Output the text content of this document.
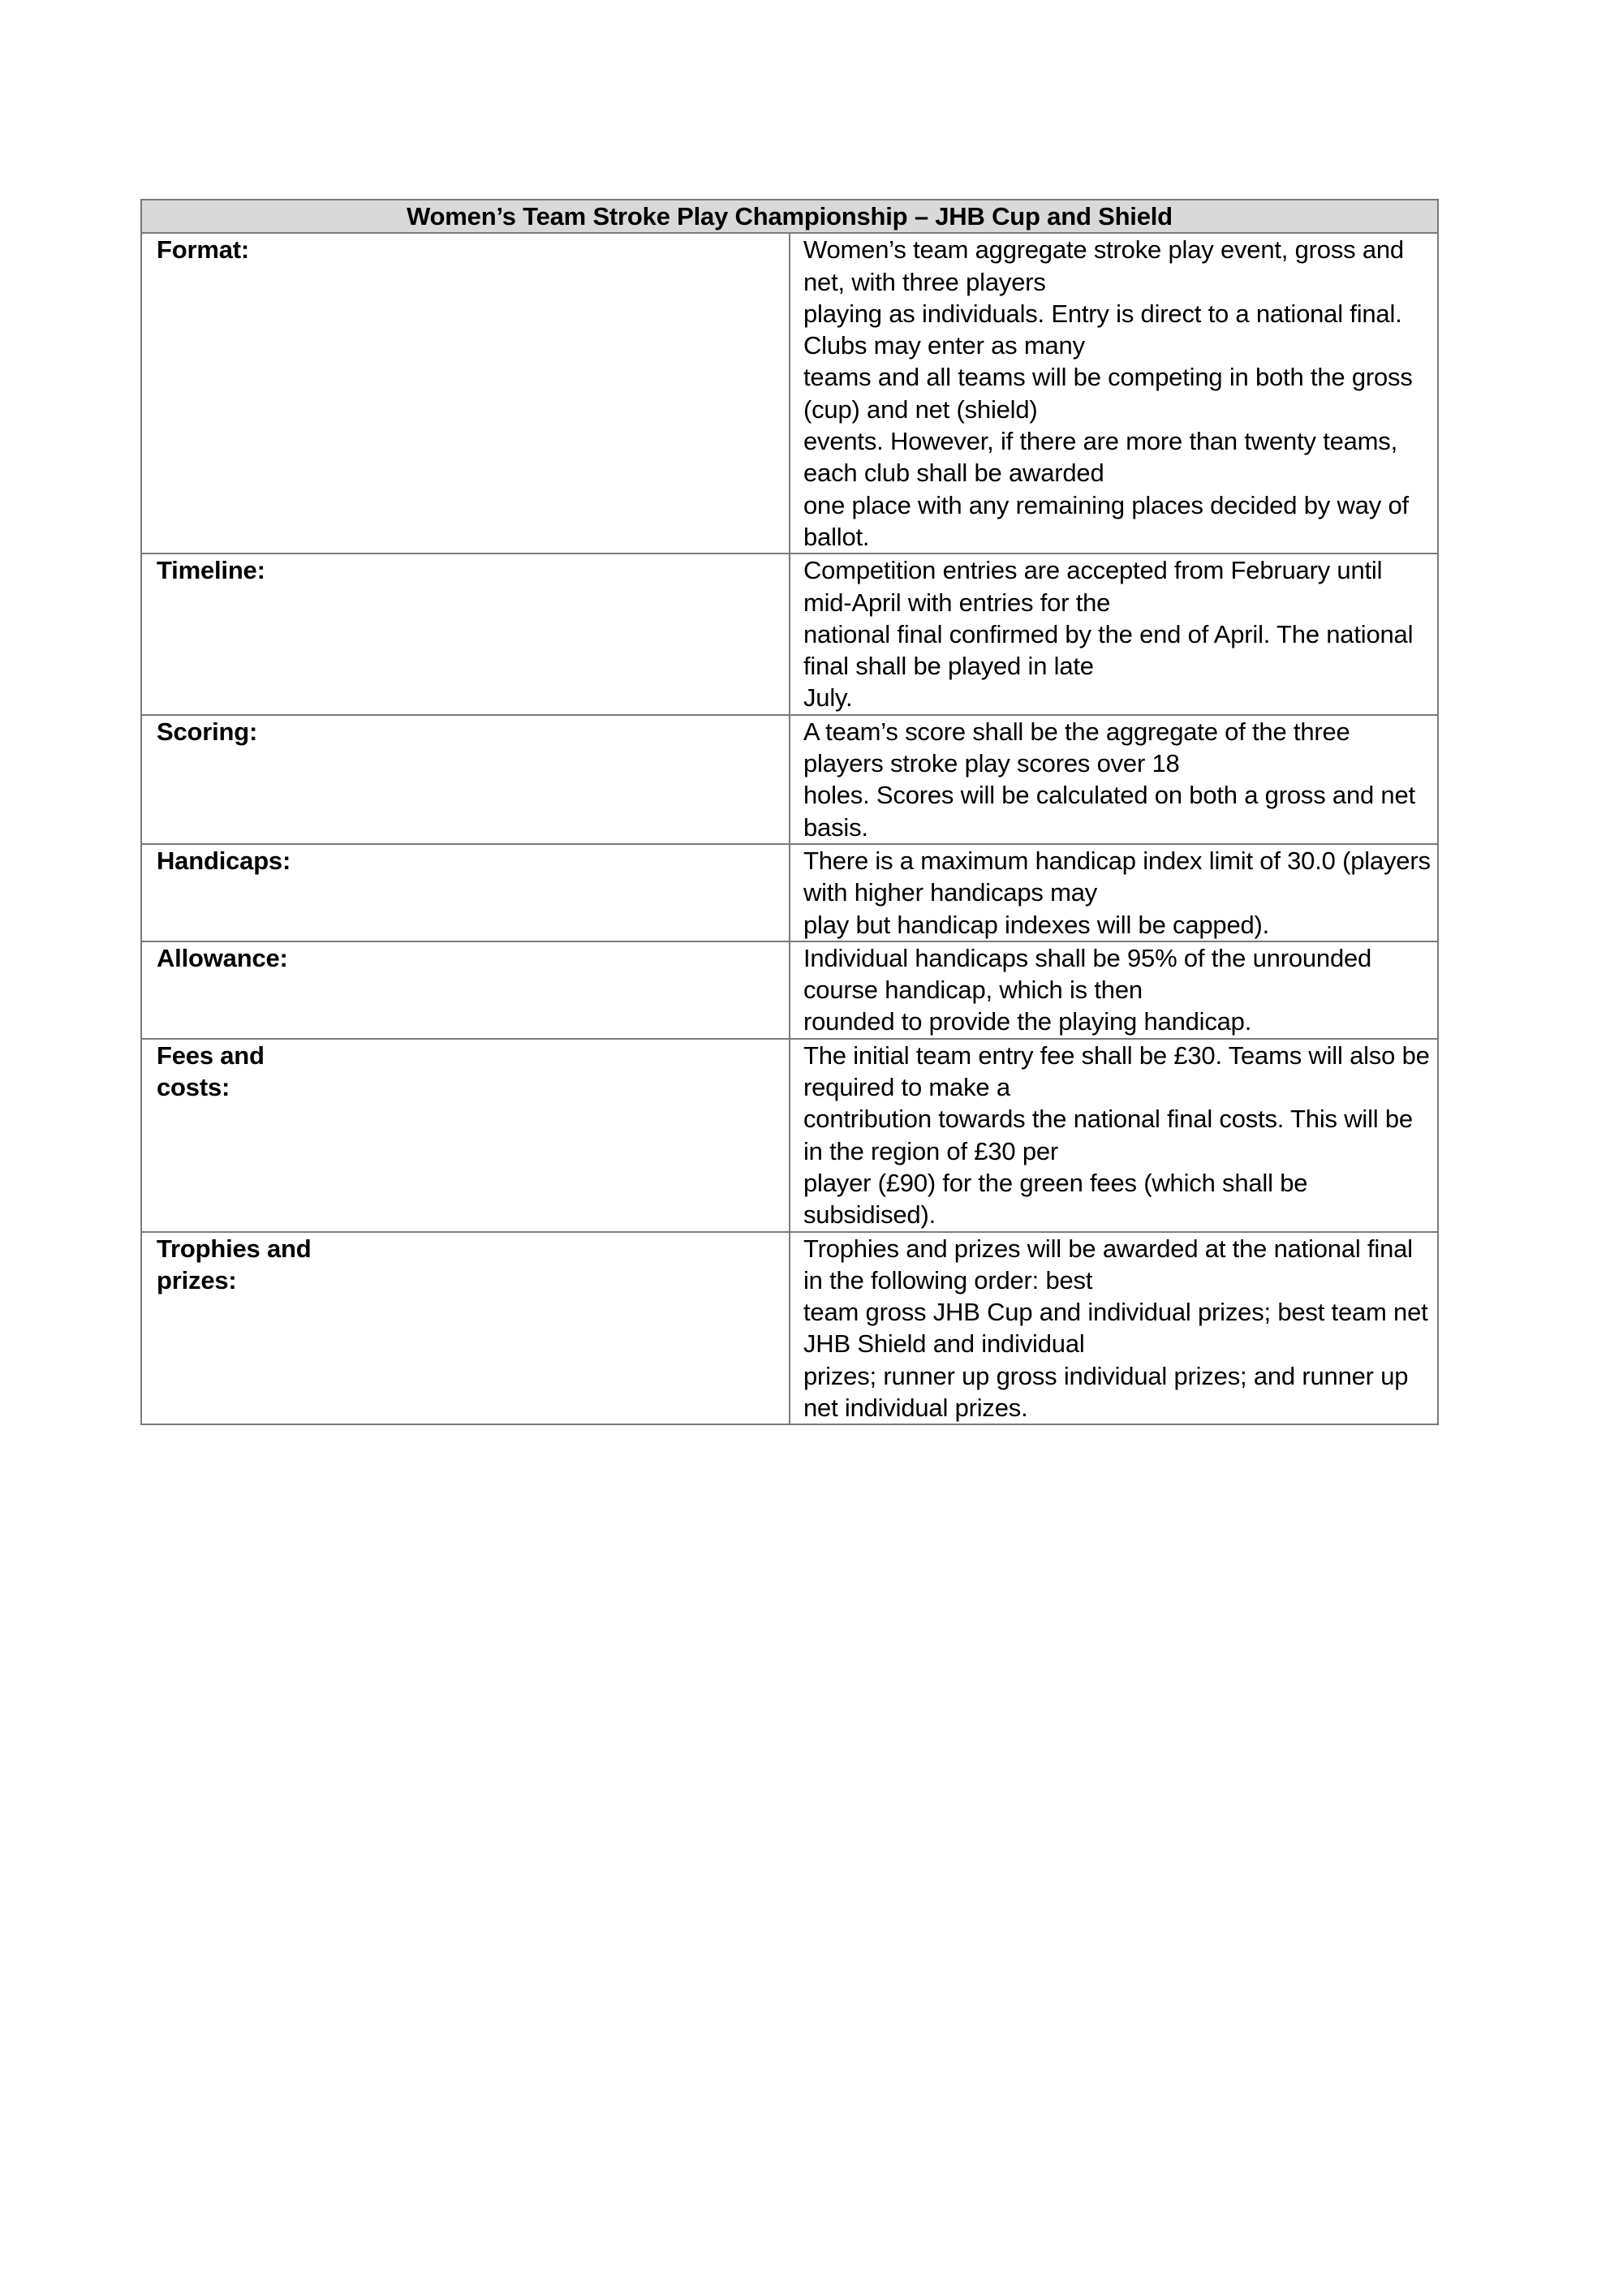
Women’s Team Stroke Play Championship – JHB Cup and Shield	
Format:	Women’s team aggregate stroke play event, gross and net, with three players
playing as individuals. Entry is direct to a national final. Clubs may enter as many
teams and all teams will be competing in both the gross (cup) and net (shield)
events. However, if there are more than twenty teams, each club shall be awarded
one place with any remaining places decided by way of ballot.
Timeline:	Competition entries are accepted from February until mid-April with entries for the
national final confirmed by the end of April. The national final shall be played in late
July.
Scoring:	A team’s score shall be the aggregate of the three players stroke play scores over 18
holes. Scores will be calculated on both a gross and net basis.
Handicaps:	There is a maximum handicap index limit of 30.0 (players with higher handicaps may
play but handicap indexes will be capped).
Allowance:	Individual handicaps shall be 95% of the unrounded course handicap, which is then
rounded to provide the playing handicap.
Fees and
costs:	The initial team entry fee shall be £30. Teams will also be required to make a
contribution towards the national final costs. This will be in the region of £30 per
player (£90) for the green fees (which shall be subsidised).
Trophies and
prizes:	Trophies and prizes will be awarded at the national final in the following order: best
team gross JHB Cup and individual prizes; best team net JHB Shield and individual
prizes; runner up gross individual prizes; and runner up net individual prizes.
